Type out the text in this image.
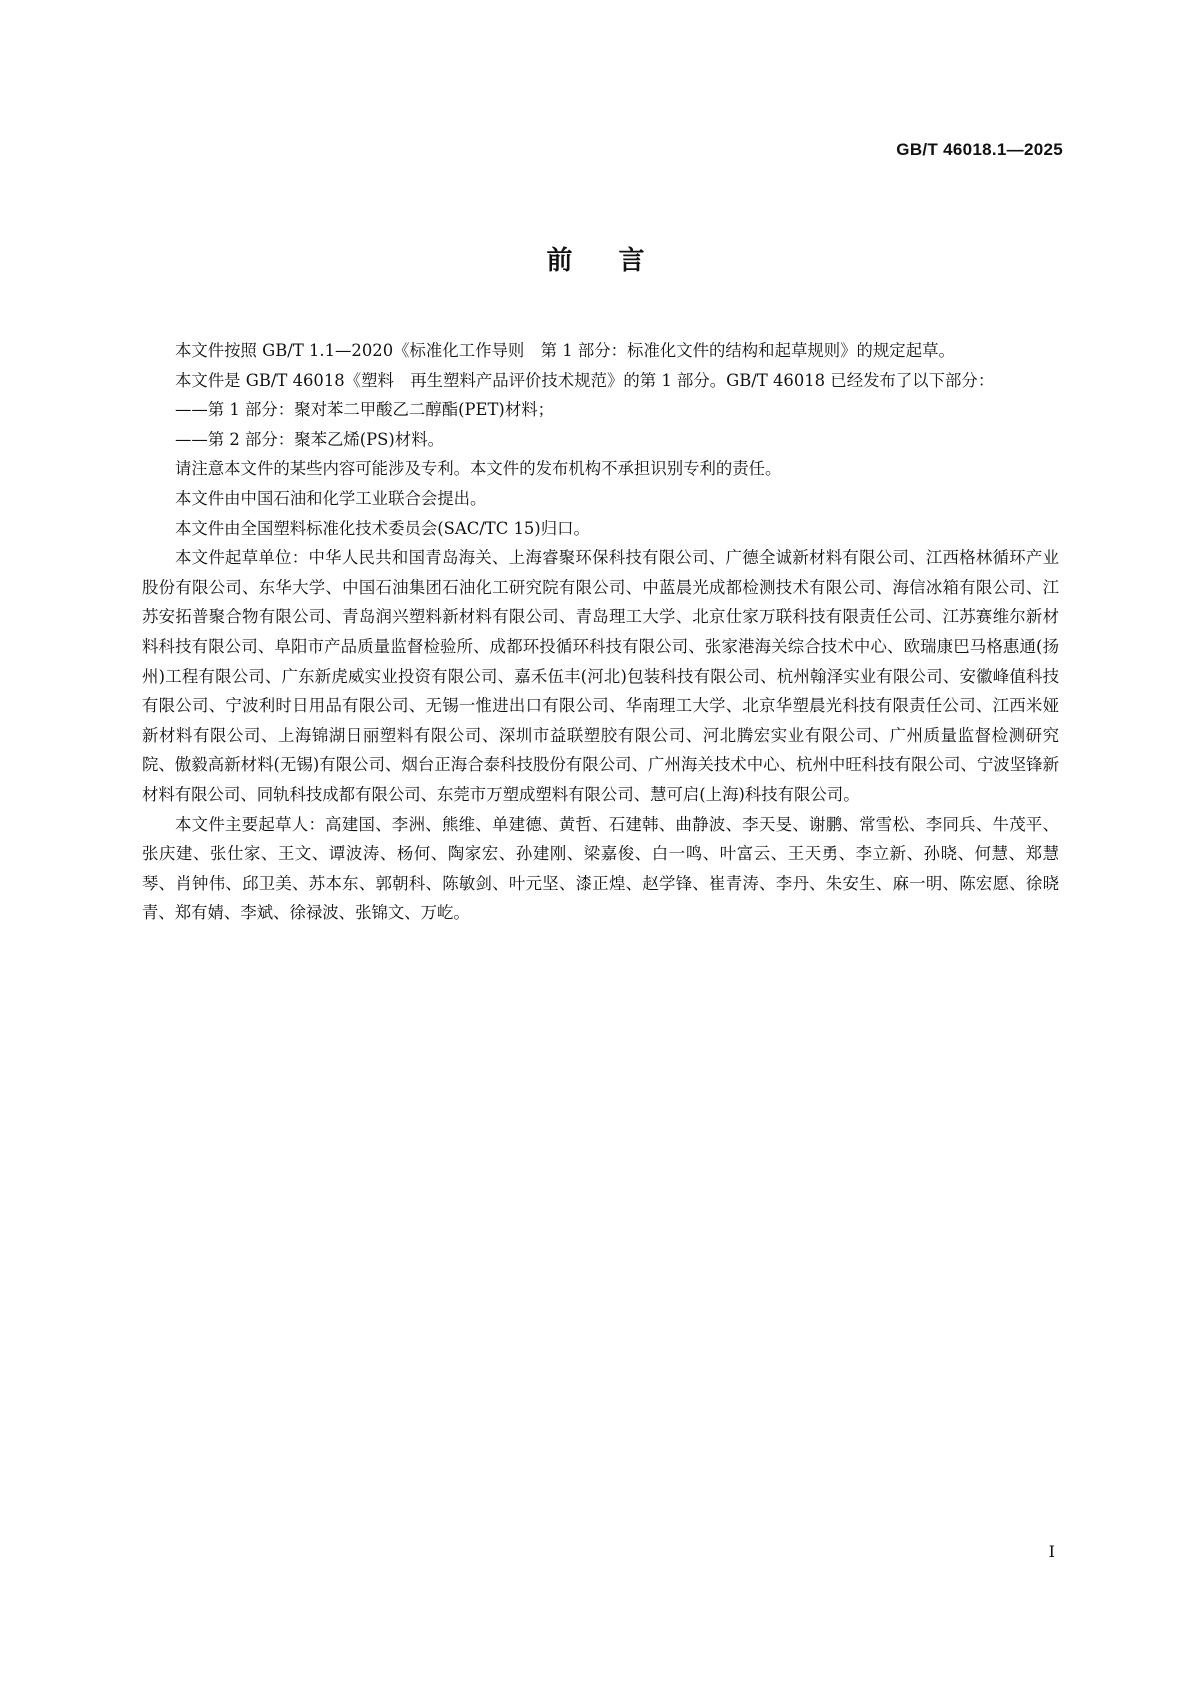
GB/T 46018.1—2025
前言

本文件按照 GB/T 1.1—2020《标准化工作导则　第 1 部分：标准化文件的结构和起草规则》的规定起草。

本文件是 GB/T 46018《塑料　再生塑料产品评价技术规范》的第 1 部分。GB/T 46018 已经发布了以下部分：

——第 1 部分：聚对苯二甲酸乙二醇酯(PET)材料；

——第 2 部分：聚苯乙烯(PS)材料。

请注意本文件的某些内容可能涉及专利。本文件的发布机构不承担识别专利的责任。

本文件由中国石油和化学工业联合会提出。

本文件由全国塑料标准化技术委员会(SAC/TC 15)归口。

本文件起草单位：中华人民共和国青岛海关、上海睿聚环保科技有限公司、广德全诚新材料有限公司、江西格林循环产业股份有限公司、东华大学、中国石油集团石油化工研究院有限公司、中蓝晨光成都检测技术有限公司、海信冰箱有限公司、江苏安拓普聚合物有限公司、青岛润兴塑料新材料有限公司、青岛理工大学、北京仕家万联科技有限责任公司、江苏赛维尔新材料科技有限公司、阜阳市产品质量监督检验所、成都环投循环科技有限公司、张家港海关综合技术中心、欧瑞康巴马格惠通(扬州)工程有限公司、广东新虎威实业投资有限公司、嘉禾伍丰(河北)包装科技有限公司、杭州翰泽实业有限公司、安徽峰值科技有限公司、宁波利时日用品有限公司、无锡一惟进出口有限公司、华南理工大学、北京华塑晨光科技有限责任公司、江西米娅新材料有限公司、上海锦湖日丽塑料有限公司、深圳市益联塑胶有限公司、河北腾宏实业有限公司、广州质量监督检测研究院、傲毅高新材料(无锡)有限公司、烟台正海合泰科技股份有限公司、广州海关技术中心、杭州中旺科技有限公司、宁波坚锋新材料有限公司、同轨科技成都有限公司、东莞市万塑成塑料有限公司、慧可启(上海)科技有限公司。

本文件主要起草人：高建国、李洲、熊维、单建德、黄哲、石建韩、曲静波、李天旻、谢鹏、常雪松、李同兵、牛茂平、张庆建、张仕家、王文、谭波涛、杨何、陶家宏、孙建刚、梁嘉俊、白一鸣、叶富云、王天勇、李立新、孙晓、何慧、郑慧琴、肖钟伟、邱卫美、苏本东、郭朝科、陈敏剑、叶元坚、漆正煌、赵学锋、崔青涛、李丹、朱安生、麻一明、陈宏愿、徐晓青、郑有婧、李斌、徐禄波、张锦文、万屹。

I
